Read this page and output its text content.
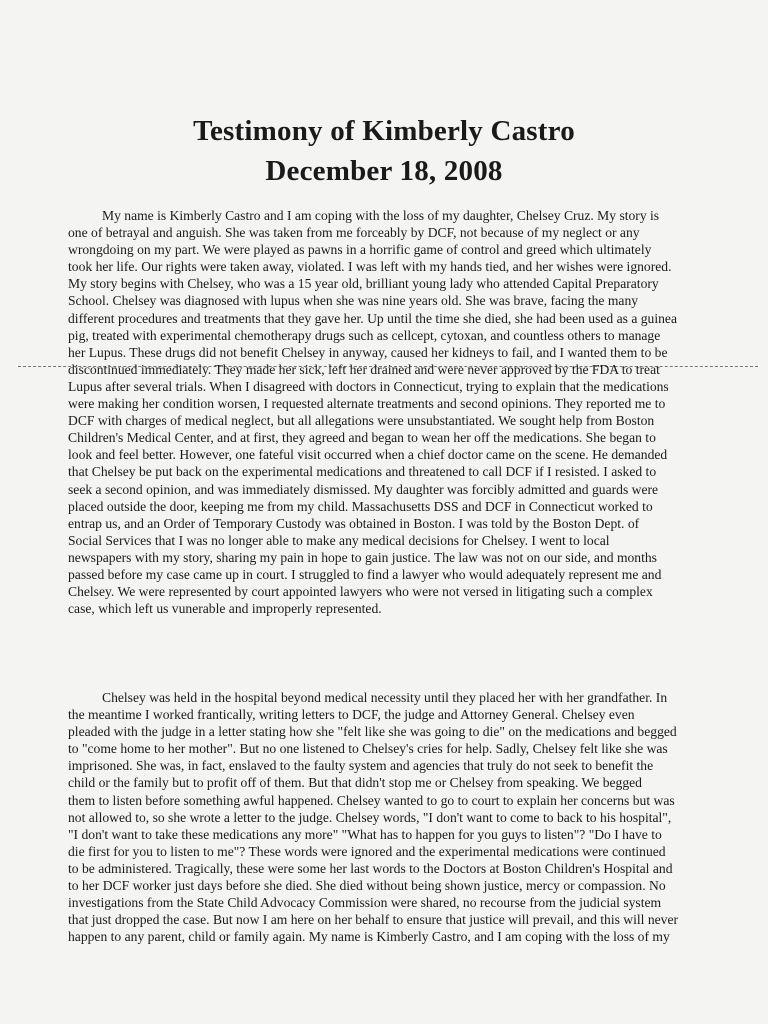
Testimony of Kimberly Castro
December 18, 2008
My name is Kimberly Castro and I am coping with the loss of my daughter, Chelsey Cruz. My story is
one of betrayal and anguish. She was taken from me forceably by DCF, not because of my neglect or any
wrongdoing on my part. We were played as pawns in a horrific game of control and greed which ultimately
took her life. Our rights were taken away, violated. I was left with my hands tied, and her wishes were ignored.
My story begins with Chelsey, who was a 15 year old, brilliant young lady who attended Capital Preparatory
School. Chelsey was diagnosed with lupus when she was nine years old. She was brave, facing the many
different procedures and treatments that they gave her. Up until the time she died, she had been used as a guinea
pig, treated with experimental chemotherapy drugs such as cellcept, cytoxan, and countless others to manage
her Lupus. These drugs did not benefit Chelsey in anyway, caused her kidneys to fail, and I wanted them to be
discontinued immediately. They made her sick, left her drained and were never approved by the FDA to treat
Lupus after several trials. When I disagreed with doctors in Connecticut, trying to explain that the medications
were making her condition worsen, I requested alternate treatments and second opinions. They reported me to
DCF with charges of medical neglect, but all allegations were unsubstantiated. We sought help from Boston
Children's Medical Center, and at first, they agreed and began to wean her off the medications. She began to
look and feel better. However, one fateful visit occurred when a chief doctor came on the scene. He demanded
that Chelsey be put back on the experimental medications and threatened to call DCF if I resisted. I asked to
seek a second opinion, and was immediately dismissed. My daughter was forcibly admitted and guards were
placed outside the door, keeping me from my child. Massachusetts DSS and DCF in Connecticut worked to
entrap us, and an Order of Temporary Custody was obtained in Boston. I was told by the Boston Dept. of
Social Services that I was no longer able to make any medical decisions for Chelsey. I went to local
newspapers with my story, sharing my pain in hope to gain justice. The law was not on our side, and months
passed before my case came up in court. I struggled to find a lawyer who would adequately represent me and
Chelsey. We were represented by court appointed lawyers who were not versed in litigating such a complex
case, which left us vunerable and improperly represented.
Chelsey was held in the hospital beyond medical necessity until they placed her with her grandfather. In
the meantime I worked frantically, writing letters to DCF, the judge and Attorney General. Chelsey even
pleaded with the judge in a letter stating how she "felt like she was going to die" on the medications and begged
to "come home to her mother". But no one listened to Chelsey's cries for help. Sadly, Chelsey felt like she was
imprisoned. She was, in fact, enslaved to the faulty system and agencies that truly do not seek to benefit the
child or the family but to profit off of them. But that didn't stop me or Chelsey from speaking. We begged
them to listen before something awful happened. Chelsey wanted to go to court to explain her concerns but was
not allowed to, so she wrote a letter to the judge. Chelsey words, "I don't want to come to back to his hospital",
"I don't want to take these medications any more" "What has to happen for you guys to listen"? "Do I have to
die first for you to listen to me"? These words were ignored and the experimental medications were continued
to be administered. Tragically, these were some her last words to the Doctors at Boston Children's Hospital and
to her DCF worker just days before she died. She died without being shown justice, mercy or compassion. No
investigations from the State Child Advocacy Commission were shared, no recourse from the judicial system
that just dropped the case. But now I am here on her behalf to ensure that justice will prevail, and this will never
happen to any parent, child or family again. My name is Kimberly Castro, and I am coping with the loss of my
